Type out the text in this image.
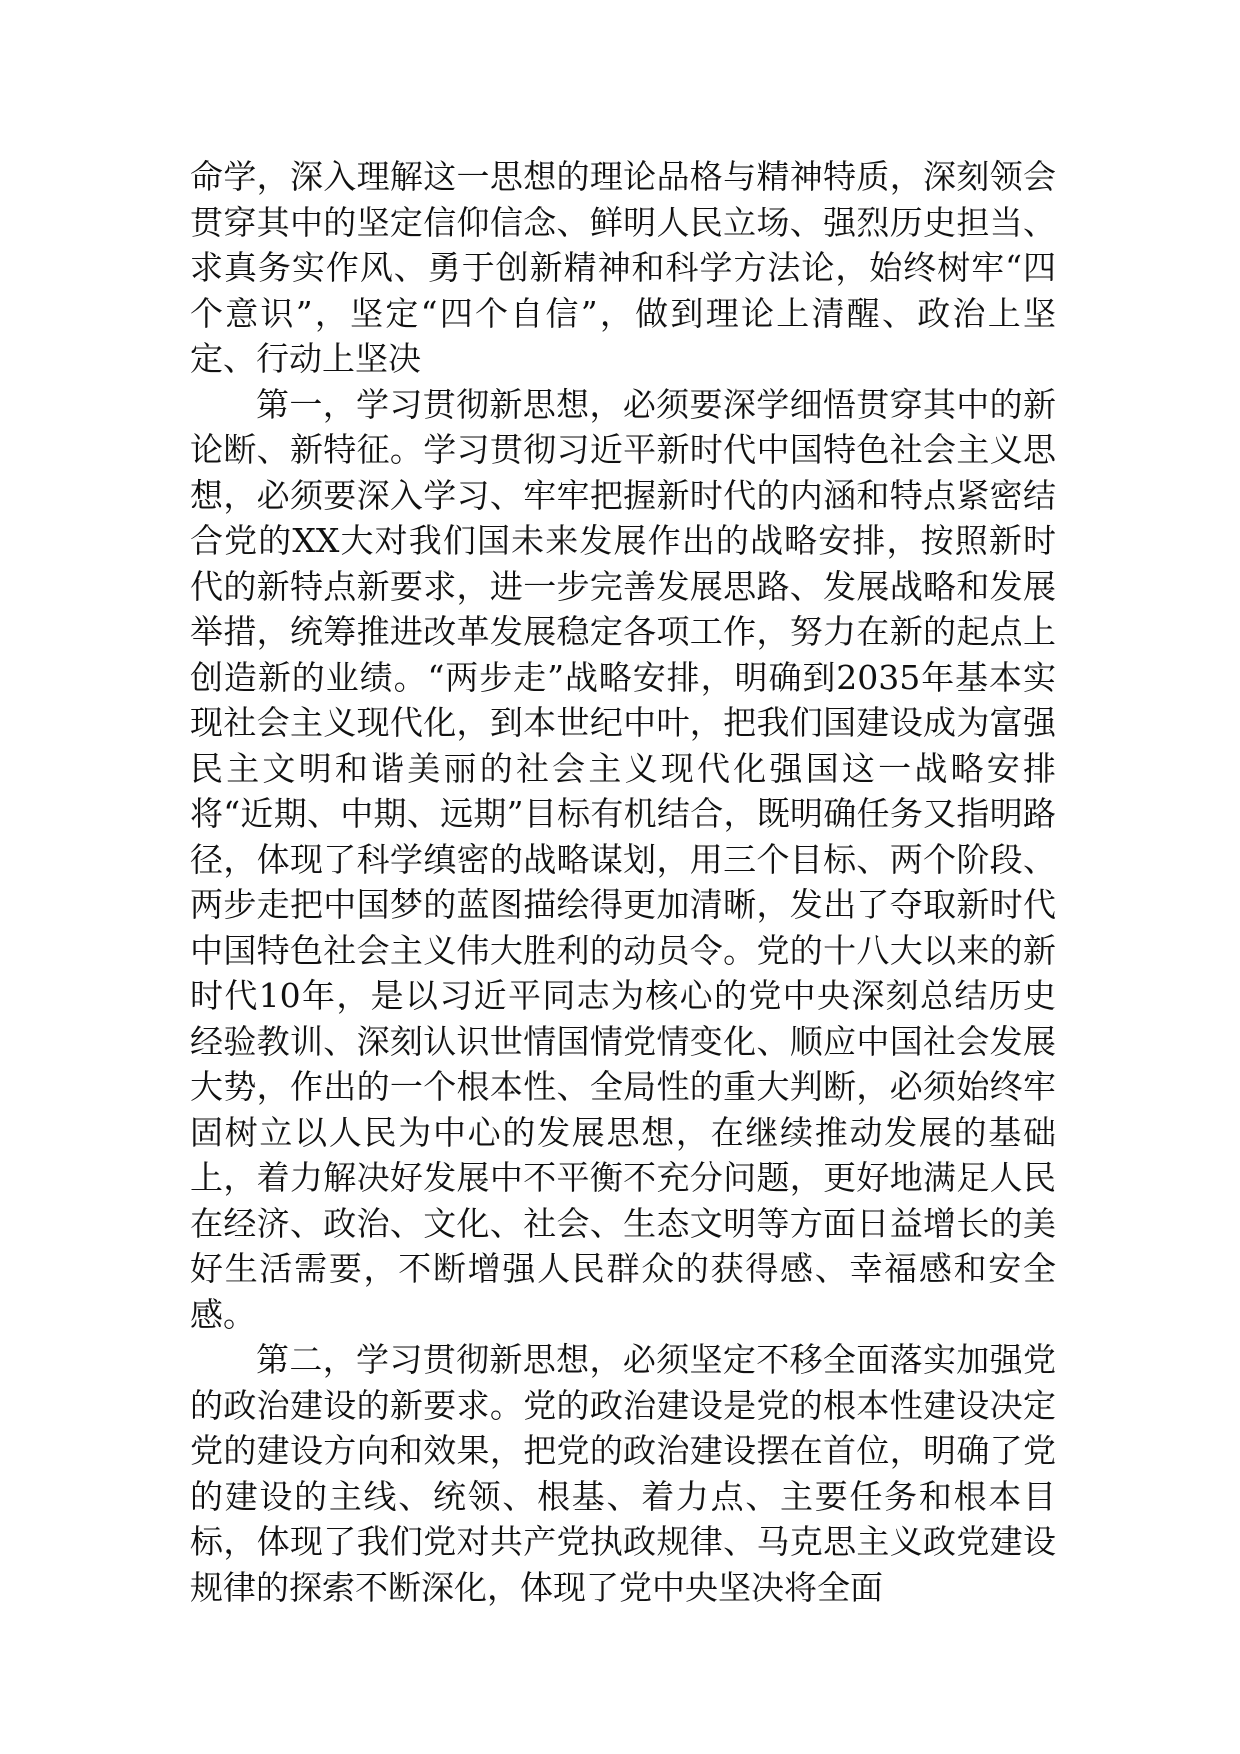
命学，深入理解这一思想的理论品格与精神特质，深刻领会贯穿其中的坚定信仰信念、鲜明人民立场、强烈历史担当、求真务实作风、勇于创新精神和科学方法论，始终树牢“四个意识”，坚定“四个自信”，做到理论上清醒、政治上坚定、行动上坚决

第一，学习贯彻新思想，必须要深学细悟贯穿其中的新论断、新特征。学习贯彻习近平新时代中国特色社会主义思想，必须要深入学习、牢牢把握新时代的内涵和特点紧密结合党的XX大对我们国未来发展作出的战略安排，按照新时代的新特点新要求，进一步完善发展思路、发展战略和发展举措，统筹推进改革发展稳定各项工作，努力在新的起点上创造新的业绩。“两步走”战略安排，明确到2035年基本实现社会主义现代化，到本世纪中叶，把我们国建设成为富强民主文明和谐美丽的社会主义现代化强国这一战略安排将“近期、中期、远期”目标有机结合，既明确任务又指明路径，体现了科学缜密的战略谋划，用三个目标、两个阶段、两步走把中国梦的蓝图描绘得更加清晰，发出了夺取新时代中国特色社会主义伟大胜利的动员令。党的十八大以来的新时代10年，是以习近平同志为核心的党中央深刻总结历史经验教训、深刻认识世情国情党情变化、顺应中国社会发展大势，作出的一个根本性、全局性的重大判断，必须始终牢固树立以人民为中心的发展思想，在继续推动发展的基础上，着力解决好发展中不平衡不充分问题，更好地满足人民在经济、政治、文化、社会、生态文明等方面日益增长的美好生活需要，不断增强人民群众的获得感、幸福感和安全感。

第二，学习贯彻新思想，必须坚定不移全面落实加强党的政治建设的新要求。党的政治建设是党的根本性建设决定党的建设方向和效果，把党的政治建设摆在首位，明确了党的建设的主线、统领、根基、着力点、主要任务和根本目标，体现了我们党对共产党执政规律、马克思主义政党建设规律的探索不断深化，体现了党中央坚决将全面
